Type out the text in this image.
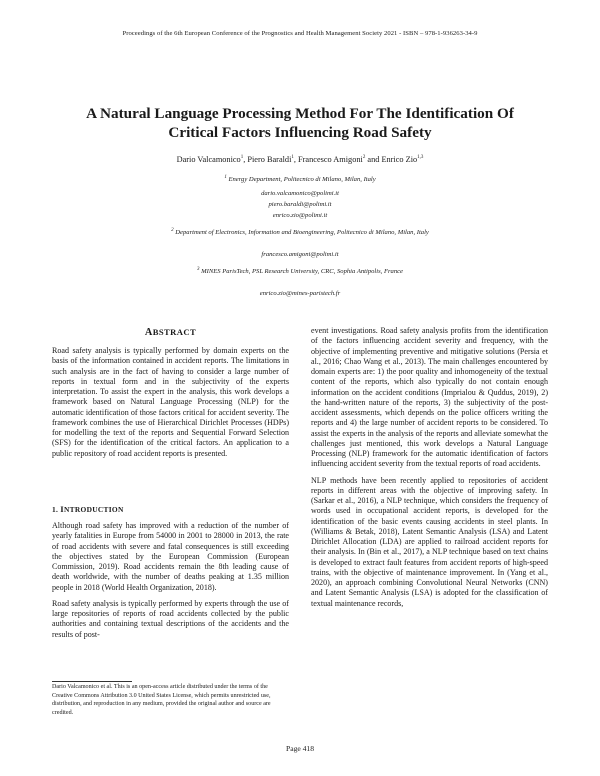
Proceedings of the 6th European Conference of the Prognostics and Health Management Society 2021 - ISBN – 978-1-936263-34-9
A Natural Language Processing Method For The Identification Of
Critical Factors Influencing Road Safety
Dario Valcamonico$^1$, Piero Baraldi$^1$, Francesco Amigoni$^2$ and Enrico Zio$^{1,3}$
$^1$ Energy Department, Politecnico di Milano, Milan, Italy
dario.valcamonico@polimi.it
piero.baraldi@polimi.it
enrico.zio@polimi.it
$^2$ Department of Electronics, Information and Bioengineering, Politecnico di Milano, Milan, Italy
francesco.amigoni@polimi.it
$^3$ MINES ParisTech, PSL Research University, CRC, Sophia Antipolis, France
enrico.zio@mines-paristech.fr
ABSTRACT

Road safety analysis is typically performed by domain experts on the basis of the information contained in accident reports. The limitations in such analysis are in the fact of having to consider a large number of reports in textual form and in the subjectivity of the experts interpretation. To assist the expert in the analysis, this work develops a framework based on Natural Language Processing (NLP) for the automatic identification of those factors critical for accident severity. The framework combines the use of Hierarchical Dirichlet Processes (HDPs) for modelling the text of the reports and Sequential Forward Selection (SFS) for the identification of the critical factors. An application to a public repository of road accident reports is presented.

1. INTRODUCTION

Although road safety has improved with a reduction of the number of yearly fatalities in Europe from 54000 in 2001 to 28000 in 2013, the rate of road accidents with severe and fatal consequences is still exceeding the objectives stated by the European Commission (European Commission, 2019). Road accidents remain the 8th leading cause of death worldwide, with the number of deaths peaking at 1.35 million people in 2018 (World Health Organization, 2018).

Road safety analysis is typically performed by experts through the use of large repositories of reports of road accidents collected by the public authorities and containing textual descriptions of the accidents and the results of post-

Dario Valcamonico et al. This is an open-access article distributed under the terms of the Creative Commons Attribution 3.0 United States License, which permits unrestricted use, distribution, and reproduction in any medium, provided the original author and source are credited.

event investigations. Road safety analysis profits from the identification of the factors influencing accident severity and frequency, with the objective of implementing preventive and mitigative solutions (Persia et al., 2016; Chao Wang et al., 2013). The main challenges encountered by domain experts are: 1) the poor quality and inhomogeneity of the textual content of the reports, which also typically do not contain enough information on the accident conditions (Imprialou & Quddus, 2019), 2) the hand-written nature of the reports, 3) the subjectivity of the post-accident assessments, which depends on the police officers writing the reports and 4) the large number of accident reports to be considered. To assist the experts in the analysis of the reports and alleviate somewhat the challenges just mentioned, this work develops a Natural Language Processing (NLP) framework for the automatic identification of factors influencing accident severity from the textual reports of road accidents.

NLP methods have been recently applied to repositories of accident reports in different areas with the objective of improving safety. In (Sarkar et al., 2016), a NLP technique, which considers the frequency of words used in occupational accident reports, is developed for the identification of the basic events causing accidents in steel plants. In (Williams & Betak, 2018), Latent Semantic Analysis (LSA) and Latent Dirichlet Allocation (LDA) are applied to railroad accident reports for their analysis. In (Bin et al., 2017), a NLP technique based on text chains is developed to extract fault features from accident reports of high-speed trains, with the objective of maintenance improvement. In (Yang et al., 2020), an approach combining Convolutional Neural Networks (CNN) and Latent Semantic Analysis (LSA) is adopted for the classification of textual maintenance records,

Page 418
